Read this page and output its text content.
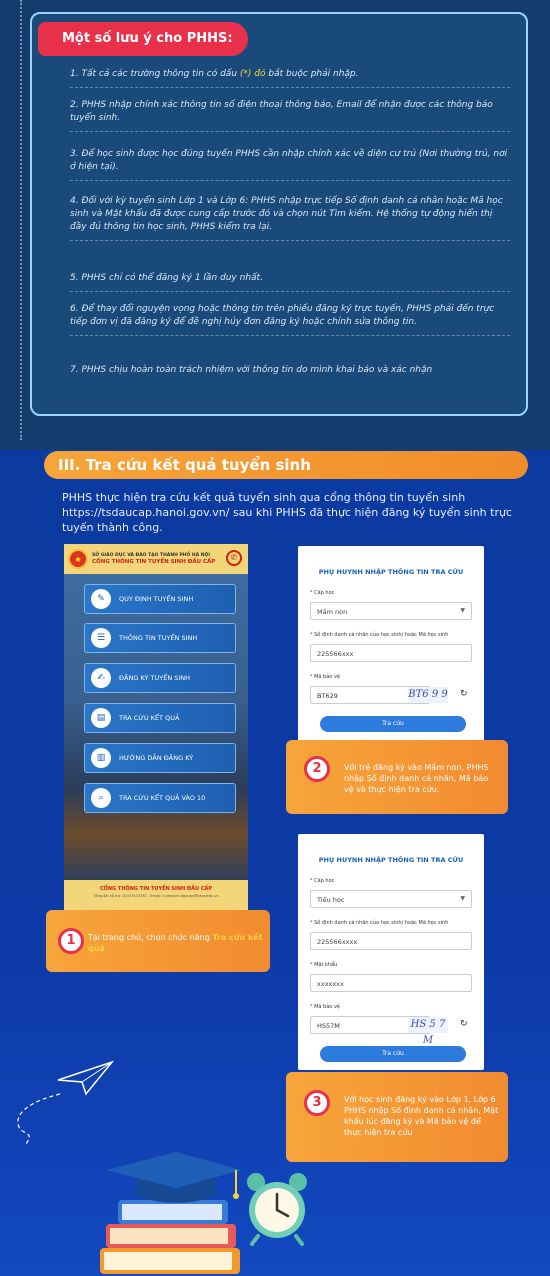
Một số lưu ý cho PHHS:
1. Tất cả các trường thông tin có dấu (*) đó bắt buộc phải nhập.
2. PHHS nhập chính xác thông tin số điện thoại thông báo, Email để nhận được các thông báo tuyển sinh.
3. Để học sinh được học đúng tuyến PHHS cần nhập chính xác về diện cư trú (Nơi thường trú, nơi ở hiện tại).
4. Đối với kỳ tuyển sinh Lớp 1 và Lớp 6: PHHS nhập trực tiếp Số định danh cá nhân hoặc Mã học sinh và Mật khẩu đã được cung cấp trước đó và chọn nút Tìm kiếm. Hệ thống tự động hiển thị đầy đủ thông tin học sinh, PHHS kiểm tra lại.
5. PHHS chỉ có thể đăng ký 1 lần duy nhất.
6. Để thay đổi nguyện vọng hoặc thông tin trên phiếu đăng ký trực tuyến, PHHS phải đến trực tiếp đơn vị đã đăng ký để đề nghị hủy đơn đăng ký hoặc chỉnh sửa thông tin.
7. PHHS chịu hoàn toàn trách nhiệm với thông tin do mình khai báo và xác nhận
III. Tra cứu kết quả tuyển sinh
PHHS thực hiện tra cứu kết quả tuyển sinh qua cổng thông tin tuyển sinh https://tsdaucap.hanoi.gov.vn/ sau khi PHHS đã thực hiện đăng ký tuyển sinh trực tuyến thành công.
★	SỞ GIÁO DỤC VÀ ĐÀO TẠO THÀNH PHỐ HÀ NỘI
CỔNG THÔNG TIN TUYỂN SINH ĐẦU CẤP	✆
✎	QUY ĐỊNH TUYỂN SINH
☰	THÔNG TIN TUYỂN SINH
✍	ĐĂNG KÝ TUYỂN SINH
▤	TRA CỨU KẾT QUẢ
▥	HƯỚNG DẪN ĐĂNG KÝ
⌕	TRA CỨU KẾT QUẢ VÀO 10
CỔNG THÔNG TIN TUYỂN SINH ĐẦU CẤP
Tổng đài hỗ trợ: 02437474787 - Email: tuyensinh.daucap@hanoiedu.vn
Tại trang chủ, chọn chức năng Tra cứu kết quả
1
PHỤ HUYNH NHẬP THÔNG TIN TRA CỨU
* Cấp học
Mầm non	▼
* Số định danh cá nhân của học sinh/ hoặc Mã học sinh
225566xxx
* Mã bảo vệ
BT629	BT6 9 9 ↻
Tra cứu
Với trẻ đăng ký vào Mầm non, PHHS nhập Số định danh cá nhân, Mã bảo vệ và thực hiện tra cứu.
2
PHỤ HUYNH NHẬP THÔNG TIN TRA CỨU
* Cấp học
Tiểu học	▼
* Số định danh cá nhân của học sinh/ hoặc Mã học sinh
225566xxxx
* Mật khẩu
xxxxxxx
* Mã bảo vệ
HS57M	HS 5 7 M
↻
Tra cứu
Với học sinh đăng ký vào Lớp 1, Lớp 6 PHHS nhập Số định danh cá nhân, Mật khẩu lúc đăng ký và Mã bảo vệ để thực hiện tra cứu
3
